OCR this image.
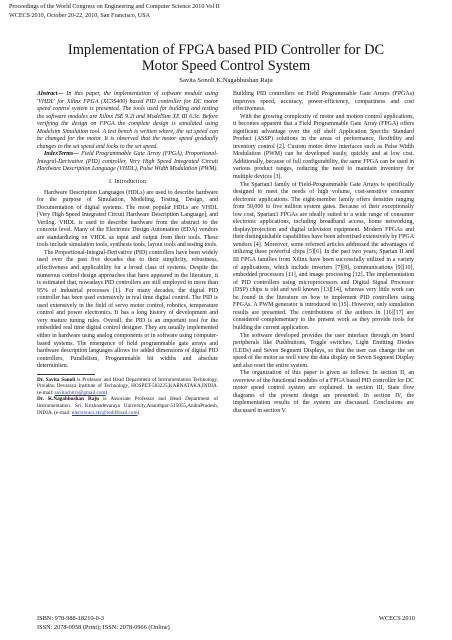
Proceedings of the World Congress on Engineering and Computer Science 2010 Vol II
WCECS 2010, October 20-22, 2010, San Francisco, USA
Implementation of FPGA based PID Controller for DC
Motor Speed Control System
Savita Sonoli K.Nagabhushan Raju

Abstract— In this paper, the implementation of software module using 'VHDL' for Xilinx FPGA (XC3S400) based PID controller for DC motor speed control system is presented. The tools used for building and testing the software modules are Xilinx ISE 9.2i and ModelSim XE III 6.3c. Before verifying the design on FPGA the complete design is simulated using Modelsim Simulation tool. A test bench is written where, the set speed can be changed for the motor. It is observed that the motor speed gradually changes to the set speed and locks to the set speed.

IndexTerms— Field Programmable Gate Array (FPGA), Proportional-Integral-Derivative (PID) controller, Very High Speed Integrated Circuit Hardware Description Language (VHDL), Pulse Width Modulation (PWM).

I. Introduction

Hardware Description Languages (HDLs) are used to describe hardware for the purpose of Simulation, Modeling, Testing, Design, and Documentation of digital systems. The most popular HDLs are VHDL [Very High Speed Integrated Circuit Hardware Description Language], and Verilog. VHDL is used to describe hardware from the abstract to the concrete level. Many of the Electronic Design Automation (EDA) vendors are standardizing on VHDL as input and output from their tools. These tools include simulation tools, synthesis tools, layout tools and testing tools.

The Proportional-Integral-Derivative (PID) controllers have been widely used over the past five decades due to their simplicity, robustness, effectiveness and applicability for a broad class of systems. Despite the numerous control design approaches that have appeared in the literature, it is estimated that, nowadays PID controllers are still employed in more than 95% of industrial processes [1]. For many decades, the digital PID controller has been used extensively in real time digital control. The PID is used extensively in the field of servo motor control, robotics, temperature control and power electronics. It has a long history of development and very mature tuning rules. Overall, the PID is an important tool for the embedded real time digital control designer. They are usually implemented either in hardware using analog components or in software using computer-based systems. The emergence of field programmable gate arrays and hardware description languages allows for added dimensions of digital PID controllers, Parallelism, Programmable bit widths and absolute determinism.

Dr. Savita Sonoli is Professor and Head Department of Instrumentation Technology, Proudhu Devaraya Institute of Technology, HOSPET-583225,KARNATAKA,INDIA. (e-mail: savitachitra@gmail.com)

Dr. K.Nagabhushan Raju is Associate Professor and Head Department of Instrumentation. Sri Krishnadevaraya University,Ananthpur-515055,AndraPradesh, INDIA. (e-mail: electronics.rkr@rediffmail.com)

Building PID controllers on Field Programmable Gate Arrays (FPGAs) improves speed, accuracy, power-efficiency, compactness and cost effectiveness.

With the growing complexity of motor and motion control applications, it becomes apparent that a Field Programmable Gate Array (FPGA) offers significant advantage over the off shelf Application Specific Standard Product (ASSP) solutions in the areas of performance, flexibility and inventory control [2]. Custom motor drive interfaces such as Pulse Width Modulation (PWM) can be developed easily, quickly and at low cost. Additionally, because of full configurability, the same FPGA can be used in various product ranges, reducing the need to maintain inventory for multiple devices [3].

The Spartan3 family of Field-Programmable Gate Arrays is specifically designed to meet the needs of high volume, cost-sensitive consumer electronic applications. The eight-member family offers densities ranging from 50,000 to five million system gates. Because of their exceptionally low cost, Spartan3 FPGAs are ideally suited to a wide range of consumer electronic applications, including broadband access, home networking, display/projection and digital television equipment. Modern FPGAs and their distinguishable capabilities have been advertised extensively by FPGA vendors [4]. Moreover, some refereed articles addressed the advantages of utilizing these powerful chips [5][6]. In the past two years, Spartan II and III FPGA families from Xilinx have been successfully utilized in a variety of applications, which include inverters [7][8], communications [9][10], embedded processors [11], and image processing [12]. The implementation of PID controllers using microprocessors and Digital Signal Processor (DSP) chips is old and well known [13][14], whereas very little work can be found in the literature on how to implement PID controllers using FPGAs. A PWM generator is introduced in [15]. However, only simulation results are presented. The contributions of the authors in [16][17] are considered complementary to the present work as they provide tools for building the current application.

The software developed provides the user interface through on board peripherals like Pushbuttons, Toggle switches, Light Emitting Diodes (LEDs) and Seven Segment Displays, so that the user can change the set speed of the motor as well view the data display on Seven Segment Display and also reset the entire system.

The organization of this paper is given as follows: In section II, an overview of the functional modules of a FPGA based PID controller for DC motor speed control system are explained. In section III, State flow diagrams of the present design are presented. In section IV, the implementation results of the system are discussed. Conclusions are discussed in section V.

ISBN: 978-988-18210-0-3
ISSN: 2078-0958 (Print); ISSN: 2078-0966 (Online)
WCECS 2010
